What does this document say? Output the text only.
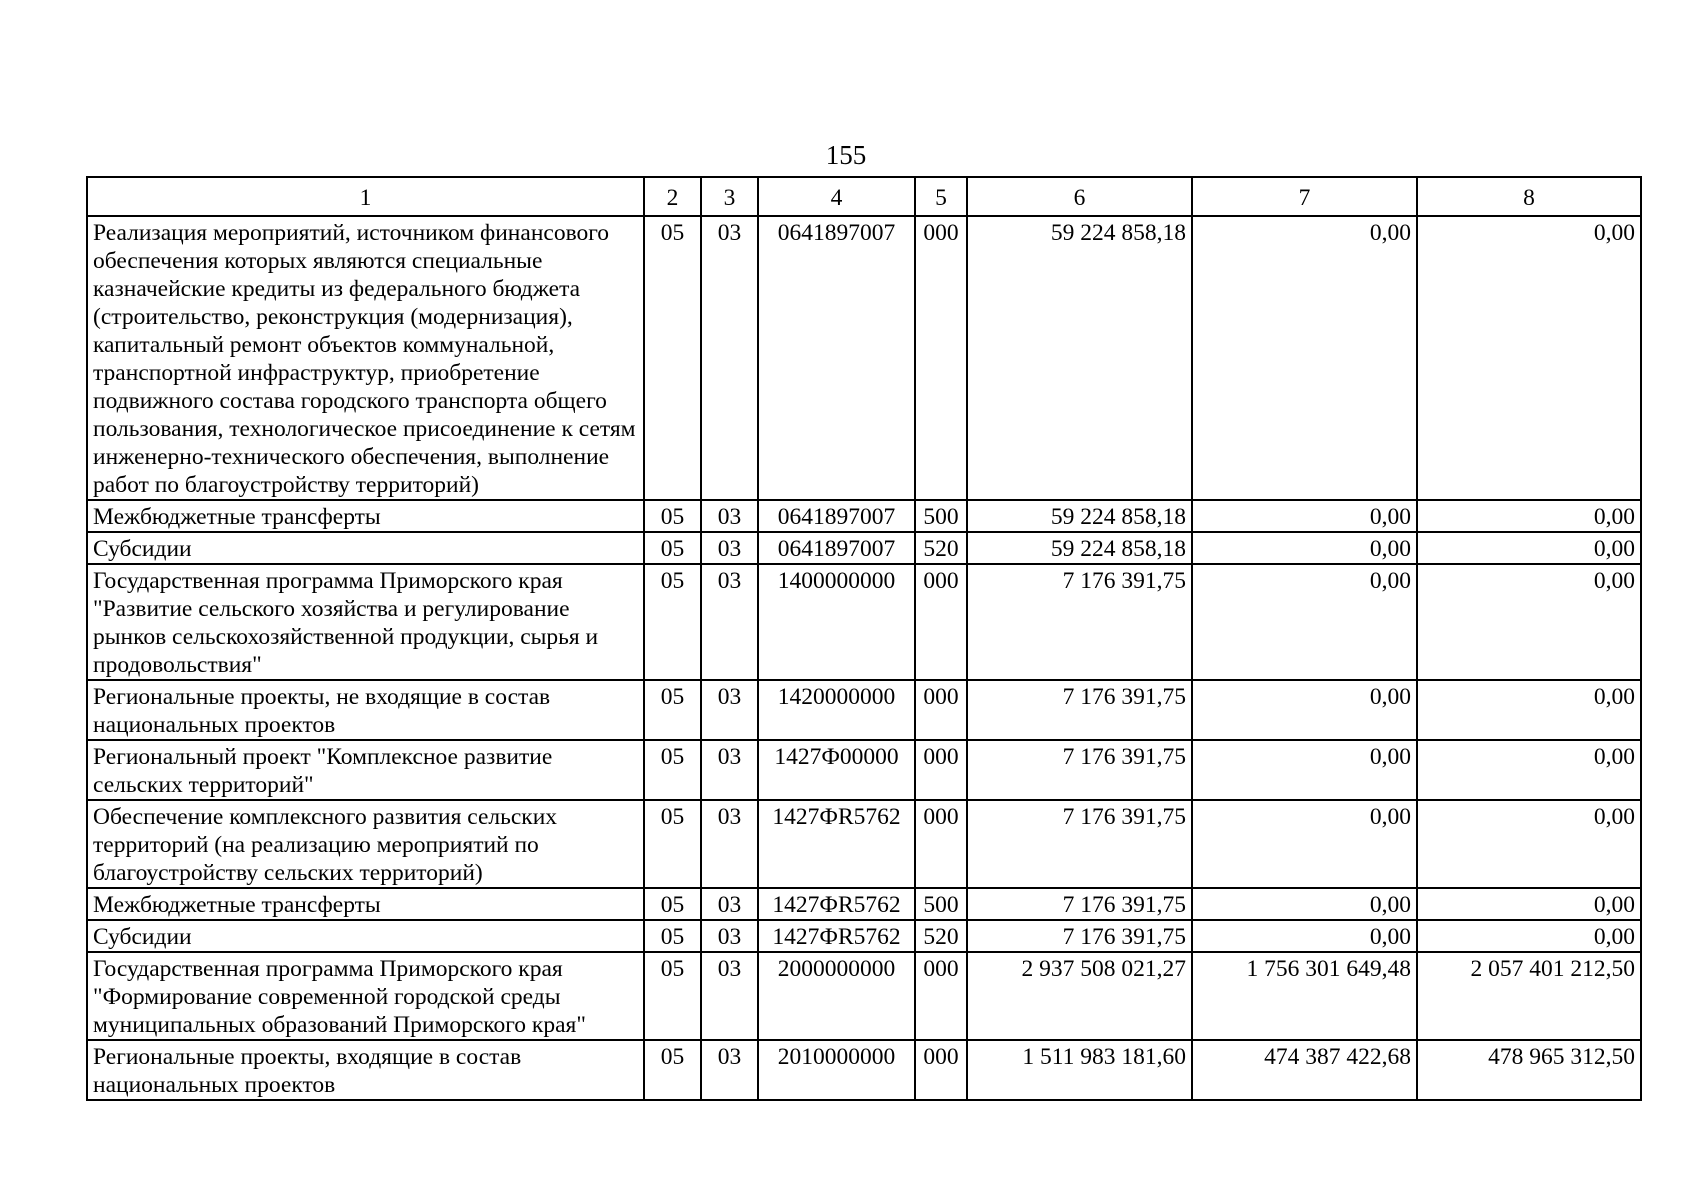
155
1	2	3	4	5	6	7	8
Реализация мероприятий, источником финансового обеспечения которых являются специальные казначейские кредиты из федерального бюджета (строительство, реконструкция (модернизация), капитальный ремонт объектов коммунальной, транспортной инфраструктур, приобретение подвижного состава городского транспорта общего пользования, технологическое присоединение к сетям инженерно-технического обеспечения, выполнение работ по благоустройству территорий)	05	03	0641897007	000	59 224 858,18	0,00	0,00
Межбюджетные трансферты	05	03	0641897007	500	59 224 858,18	0,00	0,00
Субсидии	05	03	0641897007	520	59 224 858,18	0,00	0,00
Государственная программа Приморского края "Развитие сельского хозяйства и регулирование рынков сельскохозяйственной продукции, сырья и продовольствия"	05	03	1400000000	000	7 176 391,75	0,00	0,00
Региональные проекты, не входящие в состав национальных проектов	05	03	1420000000	000	7 176 391,75	0,00	0,00
Региональный проект "Комплексное развитие сельских территорий"	05	03	1427Ф00000	000	7 176 391,75	0,00	0,00
Обеспечение комплексного развития сельских территорий (на реализацию мероприятий по благоустройству сельских территорий)	05	03	1427ФR5762	000	7 176 391,75	0,00	0,00
Межбюджетные трансферты	05	03	1427ФR5762	500	7 176 391,75	0,00	0,00
Субсидии	05	03	1427ФR5762	520	7 176 391,75	0,00	0,00
Государственная программа Приморского края "Формирование современной городской среды муниципальных образований Приморского края"	05	03	2000000000	000	2 937 508 021,27	1 756 301 649,48	2 057 401 212,50
Региональные проекты, входящие в состав национальных проектов	05	03	2010000000	000	1 511 983 181,60	474 387 422,68	478 965 312,50
